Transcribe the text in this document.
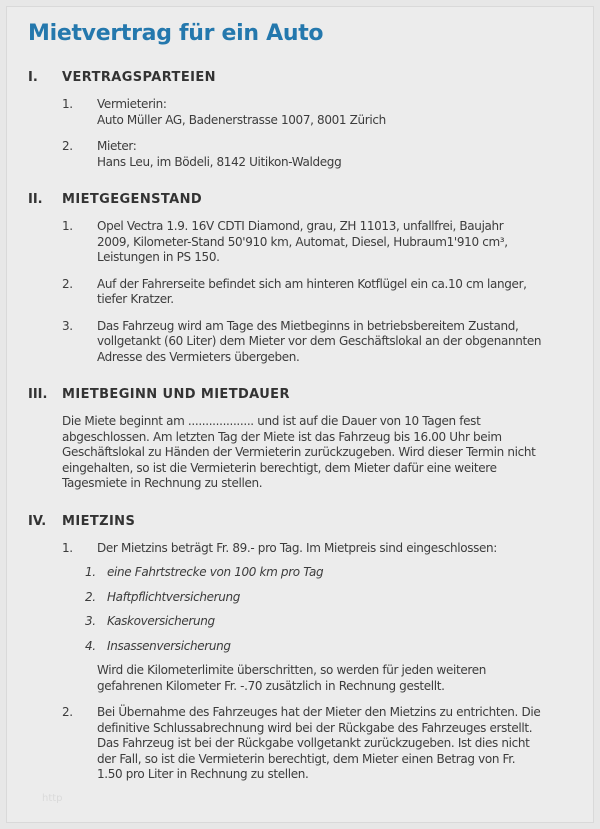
Mietvertrag für ein Auto
I.	VERTRAGSPARTEIEN
1.	Vermieterin:
Auto Müller AG, Badenerstrasse 1007, 8001 Zürich
2.	Mieter:
Hans Leu, im Bödeli, 8142 Uitikon-Waldegg
II.	MIETGEGENSTAND
1.	Opel Vectra 1.9. 16V CDTI Diamond, grau, ZH 11013, unfallfrei, Baujahr
2009, Kilometer-Stand 50'910 km, Automat, Diesel, Hubraum1'910 cm³,
Leistungen in PS 150.
2.	Auf der Fahrerseite befindet sich am hinteren Kotflügel ein ca.10 cm langer,
tiefer Kratzer.
3.	Das Fahrzeug wird am Tage des Mietbeginns in betriebsbereitem Zustand,
vollgetankt (60 Liter) dem Mieter vor dem Geschäftslokal an der obgenannten
Adresse des Vermieters übergeben.
III.	MIETBEGINN UND MIETDAUER
Die Miete beginnt am ................... und ist auf die Dauer von 10 Tagen fest
abgeschlossen. Am letzten Tag der Miete ist das Fahrzeug bis 16.00 Uhr beim
Geschäftslokal zu Händen der Vermieterin zurückzugeben. Wird dieser Termin nicht
eingehalten, so ist die Vermieterin berechtigt, dem Mieter dafür eine weitere
Tagesmiete in Rechnung zu stellen.
IV.	MIETZINS
1.	Der Mietzins beträgt Fr. 89.- pro Tag. Im Mietpreis sind eingeschlossen:
1. eine Fahrtstrecke von 100 km pro Tag
2. Haftpflichtversicherung
3. Kaskoversicherung
4. Insassenversicherung
Wird die Kilometerlimite überschritten, so werden für jeden weiteren
gefahrenen Kilometer Fr. -.70 zusätzlich in Rechnung gestellt.
2.	Bei Übernahme des Fahrzeuges hat der Mieter den Mietzins zu entrichten. Die
definitive Schlussabrechnung wird bei der Rückgabe des Fahrzeuges erstellt.
Das Fahrzeug ist bei der Rückgabe vollgetankt zurückzugeben. Ist dies nicht
der Fall, so ist die Vermieterin berechtigt, dem Mieter einen Betrag von Fr.
1.50 pro Liter in Rechnung zu stellen.
http
